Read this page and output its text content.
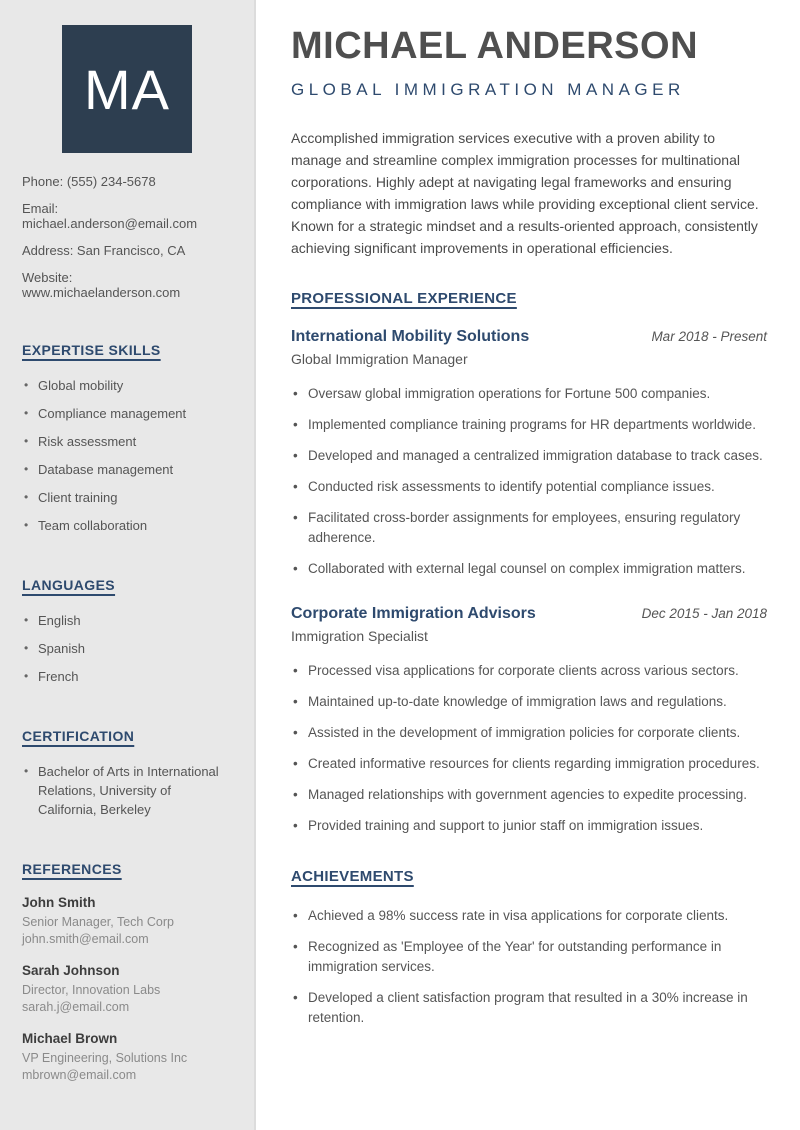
MA

Phone: (555) 234-5678

Email: michael.anderson@email.com

Address: San Francisco, CA

Website: www.michaelanderson.com

EXPERTISE SKILLS
• Global mobility
• Compliance management
• Risk assessment
• Database management
• Client training
• Team collaboration
LANGUAGES
• English
• Spanish
• French
CERTIFICATION
• Bachelor of Arts in International Relations, University of California, Berkeley
REFERENCES

John Smith

Senior Manager, Tech Corp

john.smith@email.com

Sarah Johnson

Director, Innovation Labs

sarah.j@email.com

Michael Brown

VP Engineering, Solutions Inc

mbrown@email.com

MICHAEL ANDERSON
GLOBAL IMMIGRATION MANAGER

Accomplished immigration services executive with a proven ability to manage and streamline complex immigration processes for multinational corporations. Highly adept at navigating legal frameworks and ensuring compliance with immigration laws while providing exceptional client service. Known for a strategic mindset and a results-oriented approach, consistently achieving significant improvements in operational efficiencies.

PROFESSIONAL EXPERIENCE
International Mobility Solutions	Mar 2018 - Present

Global Immigration Manager

• Oversaw global immigration operations for Fortune 500 companies.
• Implemented compliance training programs for HR departments worldwide.
• Developed and managed a centralized immigration database to track cases.
• Conducted risk assessments to identify potential compliance issues.
• Facilitated cross-border assignments for employees, ensuring regulatory adherence.
• Collaborated with external legal counsel on complex immigration matters.
Corporate Immigration Advisors	Dec 2015 - Jan 2018

Immigration Specialist

• Processed visa applications for corporate clients across various sectors.
• Maintained up-to-date knowledge of immigration laws and regulations.
• Assisted in the development of immigration policies for corporate clients.
• Created informative resources for clients regarding immigration procedures.
• Managed relationships with government agencies to expedite processing.
• Provided training and support to junior staff on immigration issues.
ACHIEVEMENTS
• Achieved a 98% success rate in visa applications for corporate clients.
• Recognized as 'Employee of the Year' for outstanding performance in immigration services.
• Developed a client satisfaction program that resulted in a 30% increase in retention.
